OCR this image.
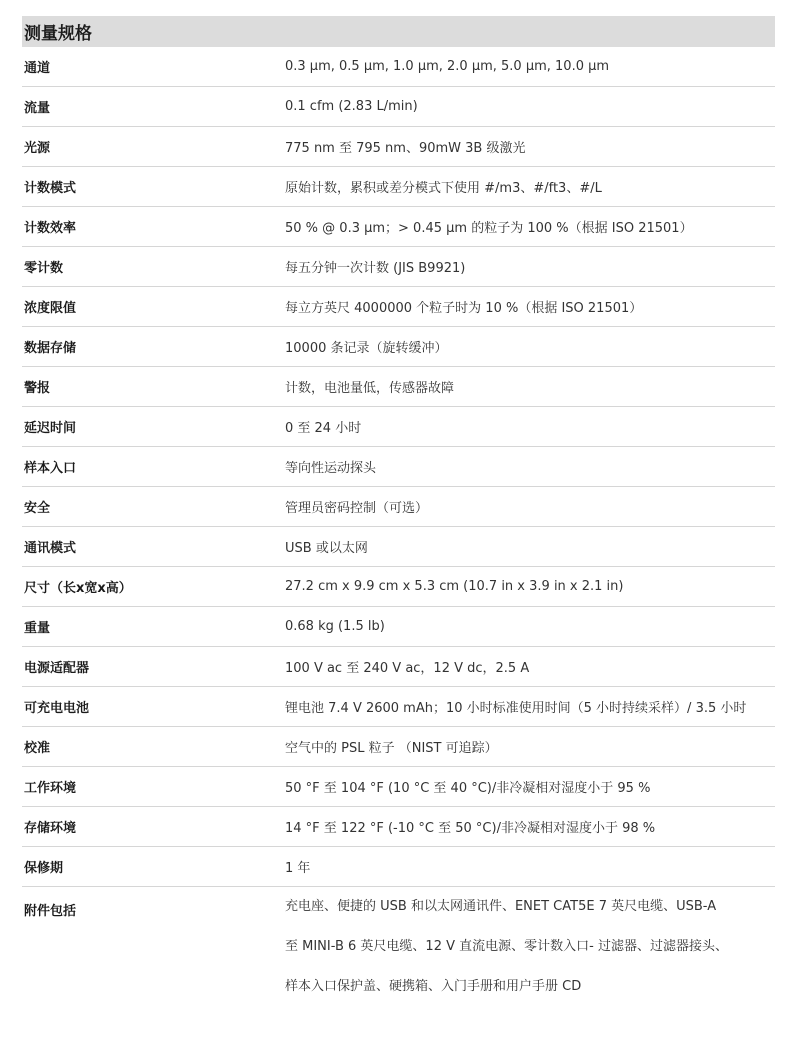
测量规格
通道	0.3 μm, 0.5 μm, 1.0 μm, 2.0 μm, 5.0 μm, 10.0 μm
流量	0.1 cfm (2.83 L/min)
光源	775 nm 至 795 nm、90mW 3B 级激光
计数模式	原始计数，累积或差分模式下使用 #/m3、#/ft3、#/L
计数效率	50 % @ 0.3 μm；> 0.45 μm 的粒子为 100 %（根据 ISO 21501）
零计数	每五分钟一次计数 (JIS B9921)
浓度限值	每立方英尺 4000000 个粒子时为 10 %（根据 ISO 21501）
数据存储	10000 条记录（旋转缓冲）
警报	计数，电池量低，传感器故障
延迟时间	0 至 24 小时
样本入口	等向性运动探头
安全	管理员密码控制（可选）
通讯模式	USB 或以太网
尺寸（长x宽x高）	27.2 cm x 9.9 cm x 5.3 cm (10.7 in x 3.9 in x 2.1 in)
重量	0.68 kg (1.5 lb)
电源适配器	100 V ac 至 240 V ac，12 V dc，2.5 A
可充电电池	锂电池 7.4 V 2600 mAh；10 小时标准使用时间（5 小时持续采样）/ 3.5 小时
校准	空气中的 PSL 粒子 （NIST 可追踪）
工作环境	50 °F 至 104 °F (10 °C 至 40 °C)/非冷凝相对湿度小于 95 %
存储环境	14 °F 至 122 °F (-10 °C 至 50 °C)/非冷凝相对湿度小于 98 %
保修期	1 年
附件包括	充电座、便捷的 USB 和以太网通讯件、ENET CAT5E 7 英尺电缆、USB-A
至 MINI-B 6 英尺电缆、12 V 直流电源、零计数入口- 过滤器、过滤器接头、
样本入口保护盖、硬携箱、入门手册和用户手册 CD
